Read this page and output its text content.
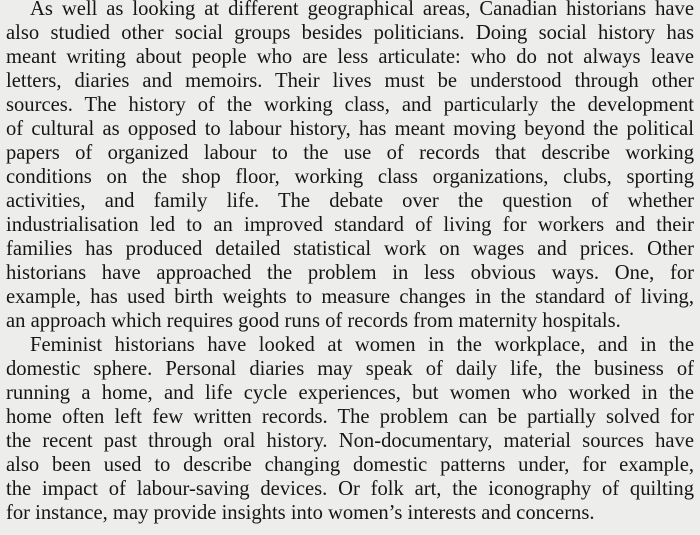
As well as looking at different geographical areas, Canadian historians have
also studied other social groups besides politicians. Doing social history has
meant writing about people who are less articulate: who do not always leave
letters, diaries and memoirs. Their lives must be understood through other
sources. The history of the working class, and particularly the development
of cultural as opposed to labour history, has meant moving beyond the political
papers of organized labour to the use of records that describe working
conditions on the shop floor, working class organizations, clubs, sporting
activities, and family life. The debate over the question of whether
industrialisation led to an improved standard of living for workers and their
families has produced detailed statistical work on wages and prices. Other
historians have approached the problem in less obvious ways. One, for
example, has used birth weights to measure changes in the standard of living,
an approach which requires good runs of records from maternity hospitals.
Feminist historians have looked at women in the workplace, and in the
domestic sphere. Personal diaries may speak of daily life, the business of
running a home, and life cycle experiences, but women who worked in the
home often left few written records. The problem can be partially solved for
the recent past through oral history. Non-documentary, material sources have
also been used to describe changing domestic patterns under, for example,
the impact of labour-saving devices. Or folk art, the iconography of quilting
for instance, may provide insights into women’s interests and concerns.
